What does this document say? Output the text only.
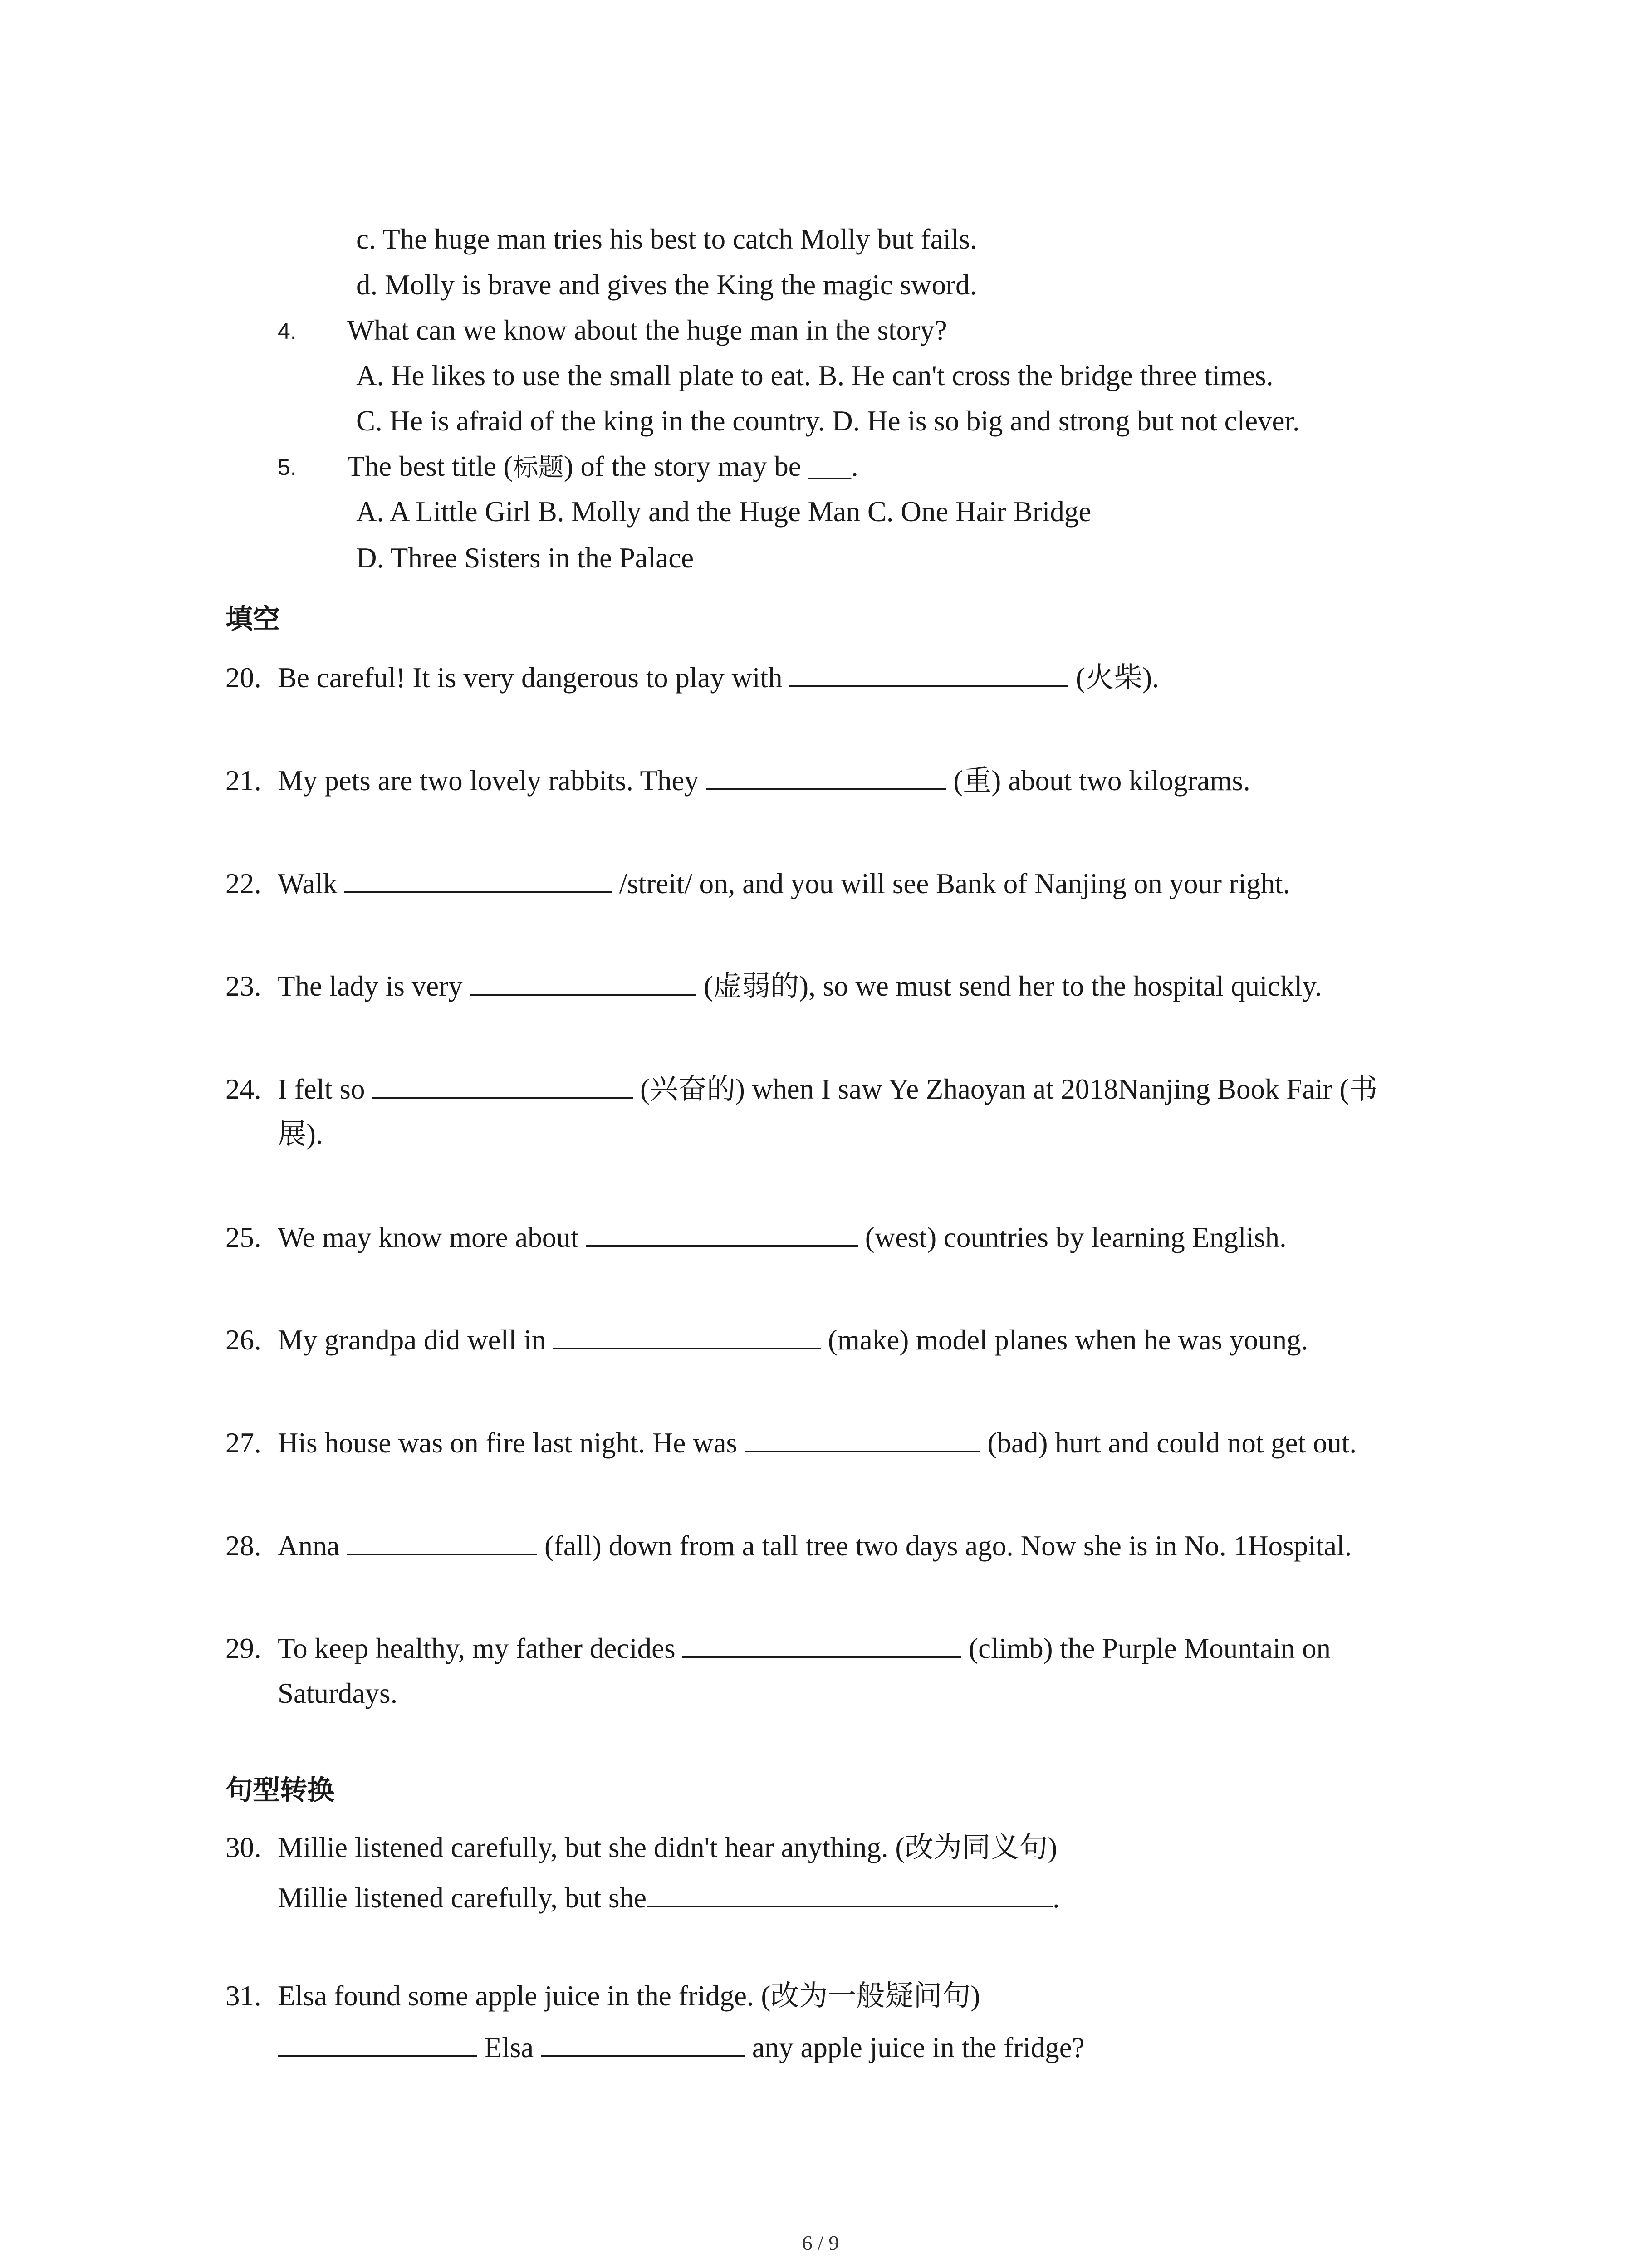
c. The huge man tries his best to catch Molly but fails.
d. Molly is brave and gives the King the magic sword.
4. What can we know about the huge man in the story?
A. He likes to use the small plate to eat. B. He can't cross the bridge three times.
C. He is afraid of the king in the country. D. He is so big and strong but not clever.
5. The best title (标题) of the story may be ___.
A. A Little Girl B. Molly and the Huge Man C. One Hair Bridge
D. Three Sisters in the Palace
填空
20. Be careful! It is very dangerous to play with	(火柴).
21. My pets are two lovely rabbits. They	(重) about two kilograms.
22. Walk	/streit/ on, and you will see Bank of Nanjing on your right.
23. The lady is very	(虚弱的), so we must send her to the hospital quickly.
24. I felt so	(兴奋的) when I saw Ye Zhaoyan at 2018Nanjing Book Fair (书
展).
25. We may know more about	(west) countries by learning English.
26. My grandpa did well in	(make) model planes when he was young.
27. His house was on fire last night. He was	(bad) hurt and could not get out.
28. Anna	(fall) down from a tall tree two days ago. Now she is in No. 1Hospital.
29. To keep healthy, my father decides	(climb) the Purple Mountain on
Saturdays.
句型转换
30. Millie listened carefully, but she didn't hear anything. (改为同义句)
Millie listened carefully, but she	.
31. Elsa found some apple juice in the fridge. (改为一般疑问句)
Elsa	any apple juice in the fridge?
6 / 9
